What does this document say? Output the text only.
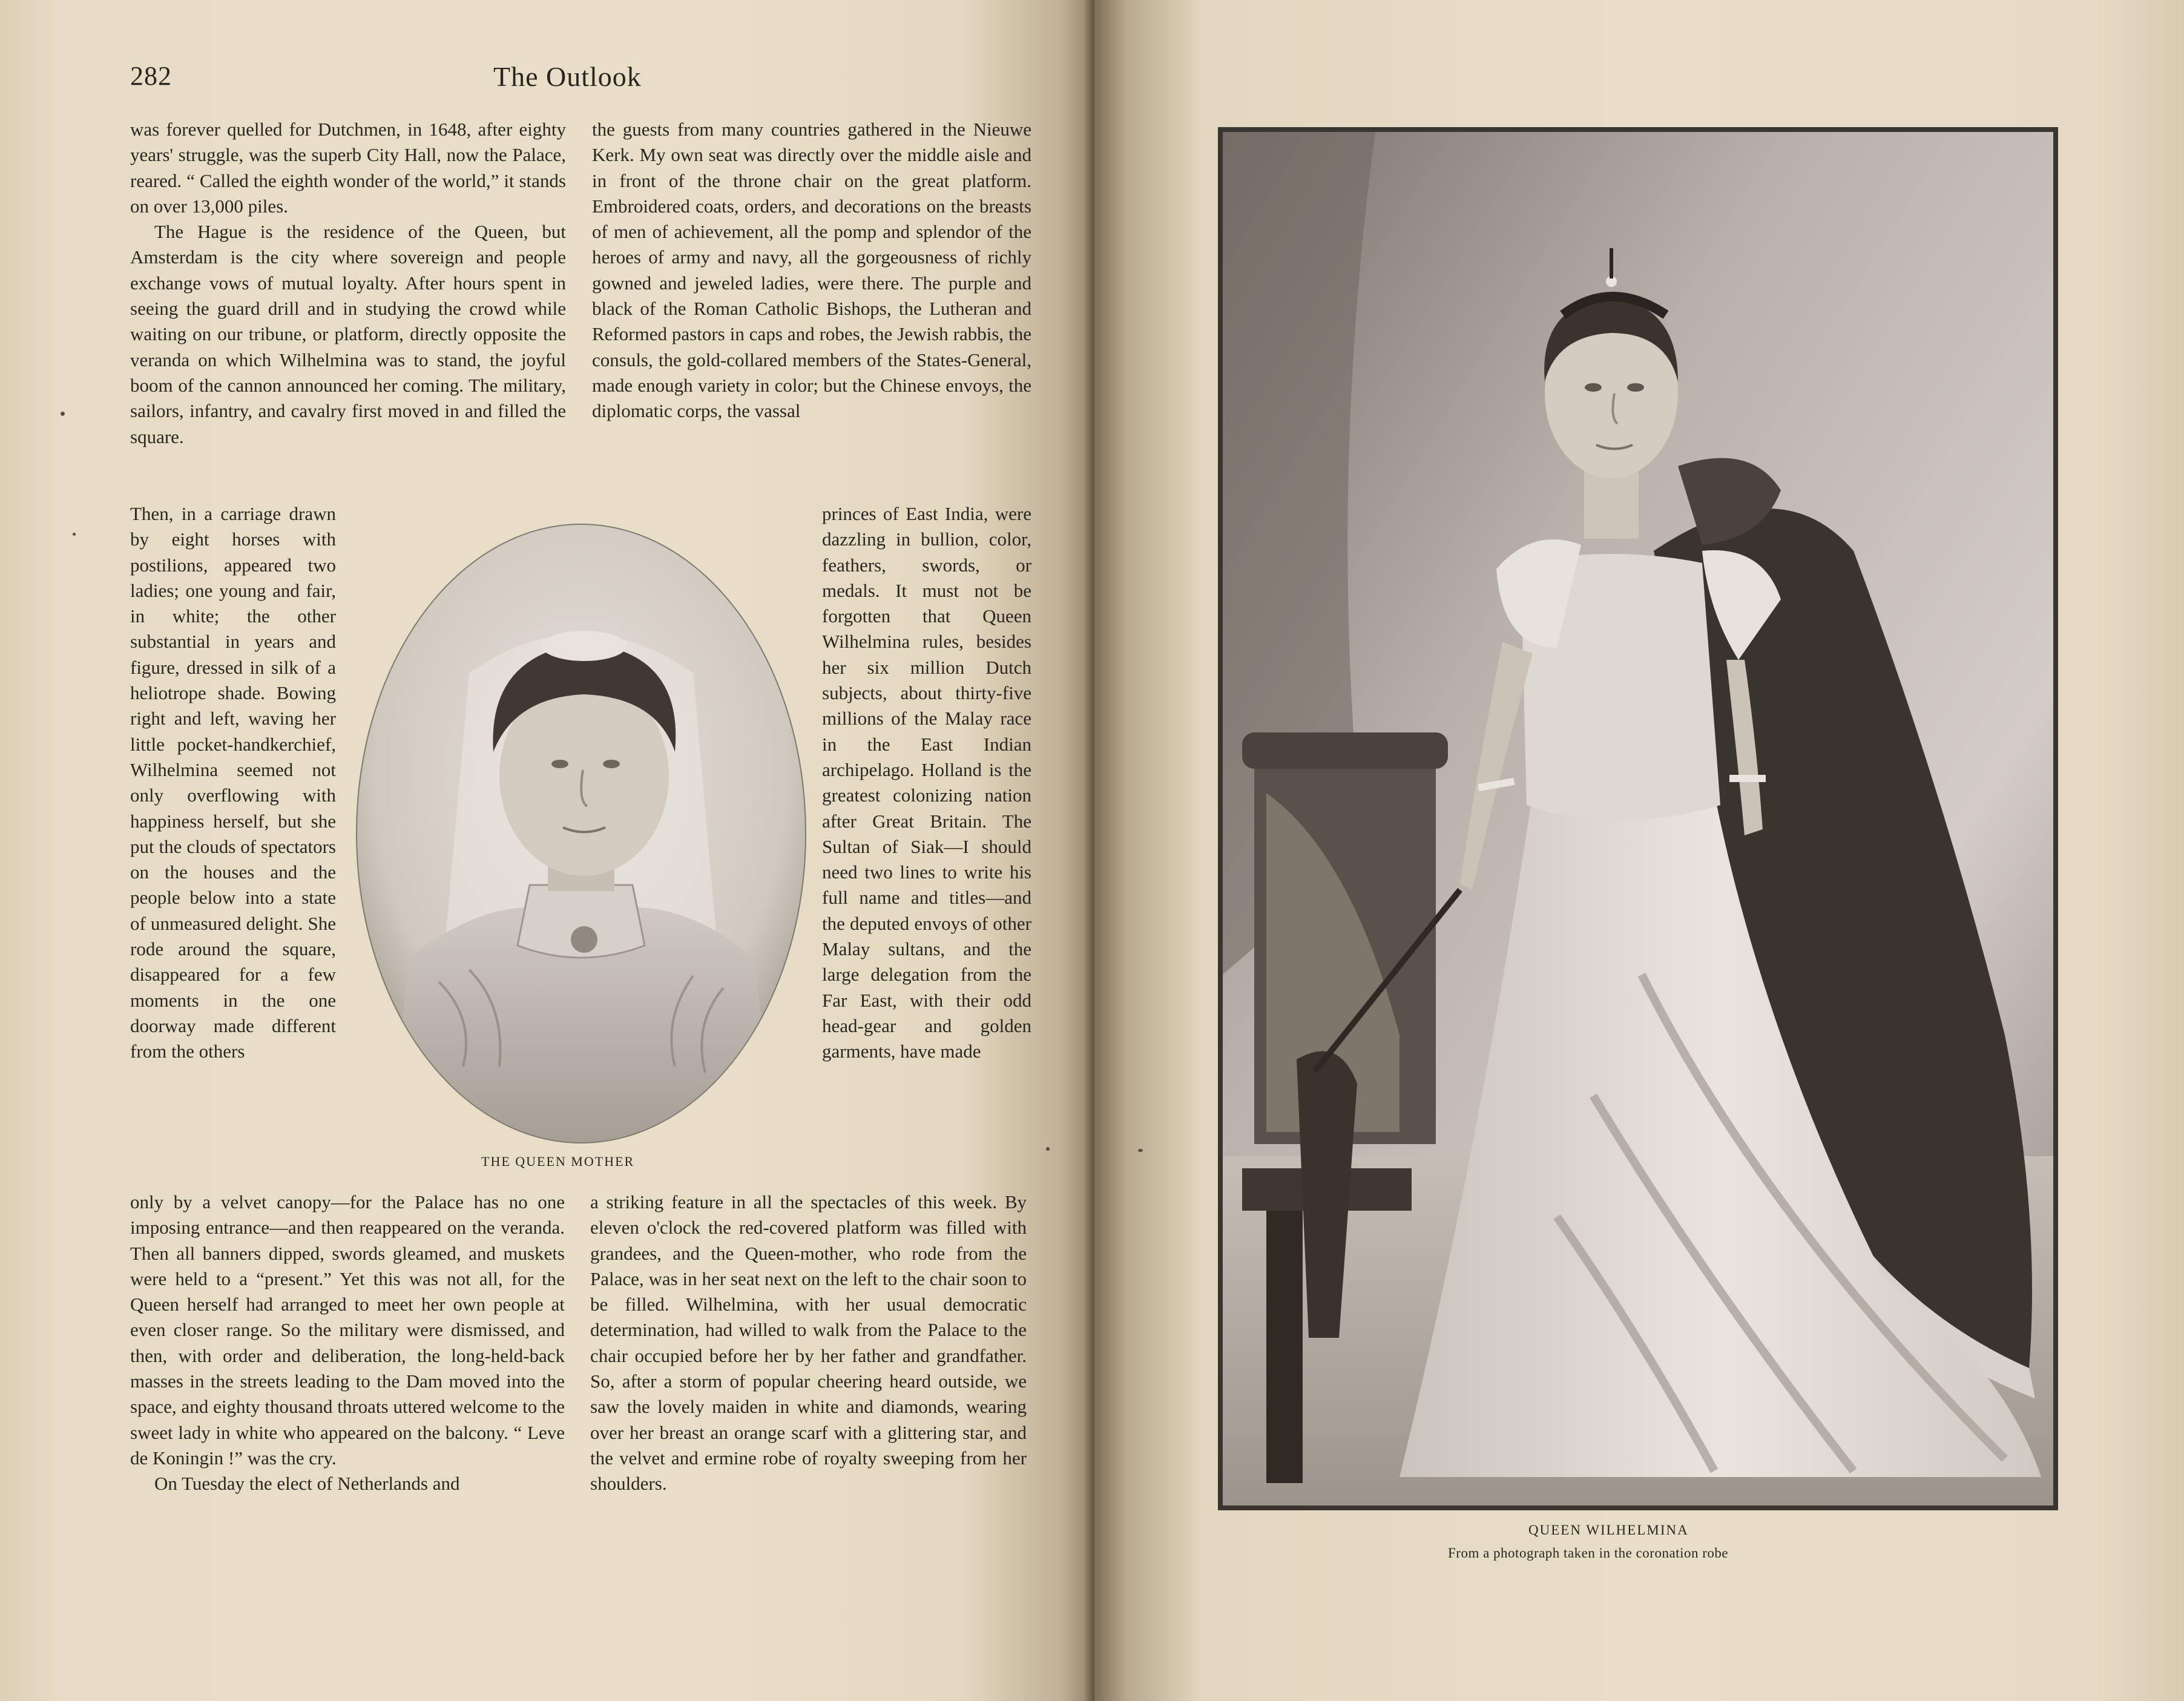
282	The Outlook

was forever quelled for Dutchmen, in 1648, after eighty years' struggle, was the superb City Hall, now the Palace, reared. “ Called the eighth wonder of the world,” it stands on over 13,000 piles.

The Hague is the residence of the Queen, but Amsterdam is the city where sovereign and people exchange vows of mutual loyalty. After hours spent in seeing the guard drill and in studying the crowd while waiting on our tribune, or platform, directly opposite the veranda on which Wilhelmina was to stand, the joyful boom of the cannon announced her coming. The military, sailors, infantry, and cavalry first moved in and filled the square.

Then, in a carriage drawn by eight horses with postilions, appeared two ladies; one young and fair, in white; the other substantial in years and figure, dressed in silk of a heliotrope shade. Bowing right and left, waving her little pocket-handkerchief, Wilhelmina seemed not only overflowing with happiness herself, but she put the clouds of spectators on the houses and the people below into a state of unmeasured delight. She rode around the square, disappeared for a few moments in the one doorway made different from the others

only by a velvet canopy—for the Palace has no one imposing entrance—and then reappeared on the veranda. Then all banners dipped, swords gleamed, and muskets were held to a “present.” Yet this was not all, for the Queen herself had arranged to meet her own people at even closer range. So the military were dismissed, and then, with order and deliberation, the long-held-back masses in the streets leading to the Dam moved into the space, and eighty thousand throats uttered welcome to the sweet lady in white who appeared on the balcony. “ Leve de Koningin !” was the cry.

On Tuesday the elect of Netherlands and

the guests from many countries gathered in the Nieuwe Kerk. My own seat was directly over the middle aisle and in front of the throne chair on the great platform. Embroidered coats, orders, and decorations on the breasts of men of achievement, all the pomp and splendor of the heroes of army and navy, all the gorgeousness of richly gowned and jeweled ladies, were there. The purple and black of the Roman Catholic Bishops, the Lutheran and Reformed pastors in caps and robes, the Jewish rabbis, the consuls, the gold-collared members of the States-General, made enough variety in color; but the Chinese envoys, the diplomatic corps, the vassal

princes of East India, were dazzling in bullion, color, feathers, swords, or medals. It must not be forgotten that Queen Wilhelmina rules, besides her six million Dutch subjects, about thirty-five millions of the Malay race in the East Indian archipelago. Holland is the greatest colonizing nation after Great Britain. The Sultan of Siak—I should need two lines to write his full name and titles—and the deputed envoys of other Malay sultans, and the large delegation from the Far East, with their odd head-gear and golden garments, have made

a striking feature in all the spectacles of this week. By eleven o'clock the red-covered platform was filled with grandees, and the Queen-mother, who rode from the Palace, was in her seat next on the left to the chair soon to be filled. Wilhelmina, with her usual democratic determination, had willed to walk from the Palace to the chair occupied before her by her father and grandfather. So, after a storm of popular cheering heard outside, we saw the lovely maiden in white and diamonds, wearing over her breast an orange scarf with a glittering star, and the velvet and ermine robe of royalty sweeping from her shoulders.

THE QUEEN MOTHER
QUEEN WILHELMINA
From a photograph taken in the coronation robe
